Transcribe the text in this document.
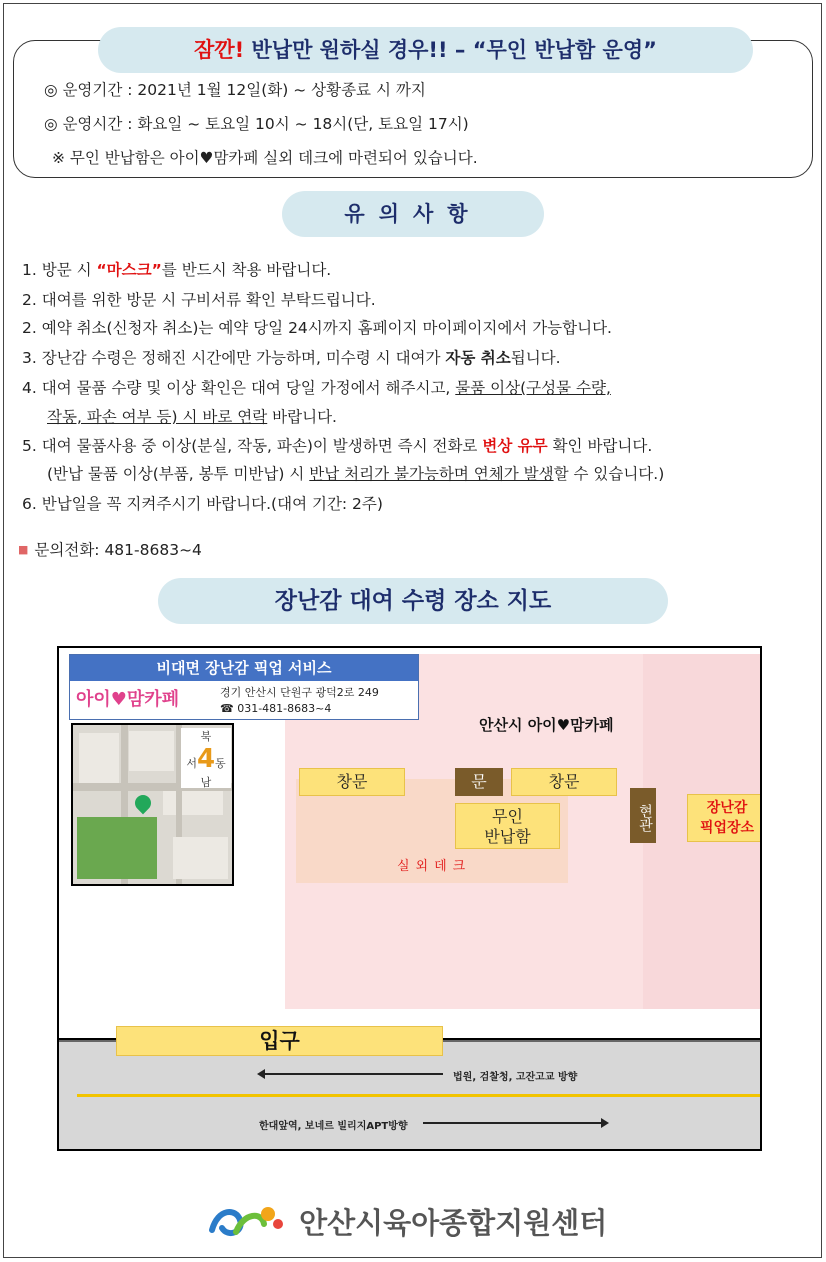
잠깐! 반납만 원하실 경우!! – “무인 반납함 운영”
◎ 운영기간 : 2021년 1월 12일(화) ~ 상황종료 시 까지
◎ 운영시간 : 화요일 ~ 토요일 10시 ~ 18시(단, 토요일 17시)
※ 무인 반납함은 아이♥맘카페 실외 데크에 마련되어 있습니다.
유의사항
1. 방문 시 “마스크”를 반드시 착용 바랍니다.
2. 대여를 위한 방문 시 구비서류 확인 부탁드립니다.
2. 예약 취소(신청자 취소)는 예약 당일 24시까지 홈페이지 마이페이지에서 가능합니다.
3. 장난감 수령은 정해진 시간에만 가능하며, 미수령 시 대여가 자동 취소됩니다.
4. 대여 물품 수량 및 이상 확인은 대여 당일 가정에서 해주시고, 물품 이상(구성물 수량,
작동, 파손 여부 등) 시 바로 연락 바랍니다.
5. 대여 물품사용 중 이상(분실, 작동, 파손)이 발생하면 즉시 전화로 변상 유무 확인 바랍니다.
(반납 물품 이상(부품, 봉투 미반납) 시 반납 처리가 불가능하며 연체가 발생할 수 있습니다.)
6. 반납일을 꼭 지켜주시기 바랍니다.(대여 기간: 2주)
■ 문의전화: 481-8683~4
장난감 대여 수령 장소 지도
비대면 장난감 픽업 서비스
아이♥맘카페	경기 안산시 단원구 광덕2로 249
☎ 031-481-8683~4
북
서4동
남
안산시 아이♥맘카페
창문	문	창문
무인
반납함
실외데크
현관	장난감
픽업장소
입구
법원, 검찰청, 고잔고교 방향
한대앞역, 보네르 빌리지APT방향
안산시육아종합지원센터
